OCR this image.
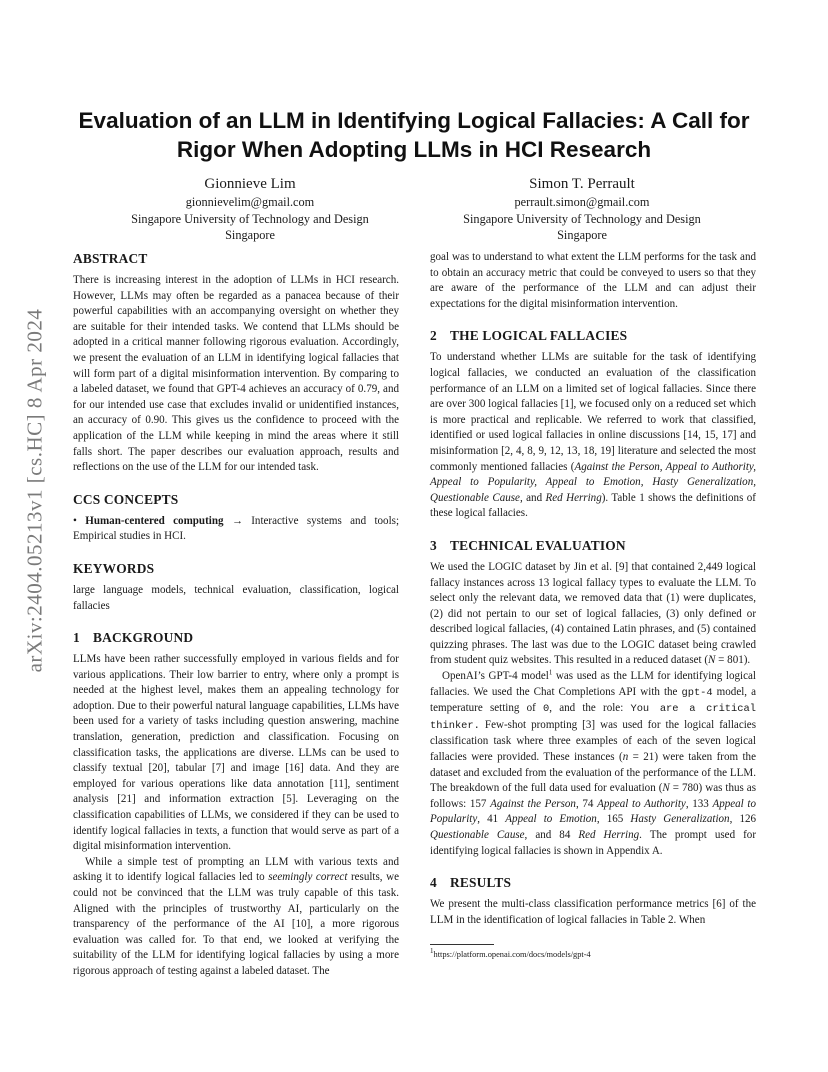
arXiv:2404.05213v1 [cs.HC] 8 Apr 2024
Evaluation of an LLM in Identifying Logical Fallacies: A Call for Rigor When Adopting LLMs in HCI Research
Gionnieve Lim
gionnievelim@gmail.com
Singapore University of Technology and Design
Singapore
Simon T. Perrault
perrault.simon@gmail.com
Singapore University of Technology and Design
Singapore
ABSTRACT

There is increasing interest in the adoption of LLMs in HCI research. However, LLMs may often be regarded as a panacea because of their powerful capabilities with an accompanying oversight on whether they are suitable for their intended tasks. We contend that LLMs should be adopted in a critical manner following rigorous evaluation. Accordingly, we present the evaluation of an LLM in identifying logical fallacies that will form part of a digital misinformation intervention. By comparing to a labeled dataset, we found that GPT-4 achieves an accuracy of 0.79, and for our intended use case that excludes invalid or unidentified instances, an accuracy of 0.90. This gives us the confidence to proceed with the application of the LLM while keeping in mind the areas where it still falls short. The paper describes our evaluation approach, results and reflections on the use of the LLM for our intended task.

CCS CONCEPTS

• Human-centered computing → Interactive systems and tools; Empirical studies in HCI.

KEYWORDS

large language models, technical evaluation, classification, logical fallacies

1 BACKGROUND

LLMs have been rather successfully employed in various fields and for various applications. Their low barrier to entry, where only a prompt is needed at the highest level, makes them an appealing technology for adoption. Due to their powerful natural language capabilities, LLMs have been used for a variety of tasks including question answering, machine translation, generation, prediction and classification. Focusing on classification tasks, the applications are diverse. LLMs can be used to classify textual [20], tabular [7] and image [16] data. And they are employed for various operations like data annotation [11], sentiment analysis [21] and information extraction [5]. Leveraging on the classification capabilities of LLMs, we considered if they can be used to identify logical fallacies in texts, a function that would serve as part of a digital misinformation intervention.

While a simple test of prompting an LLM with various texts and asking it to identify logical fallacies led to seemingly correct results, we could not be convinced that the LLM was truly capable of this task. Aligned with the principles of trustworthy AI, particularly on the transparency of the performance of the AI [10], a more rigorous evaluation was called for. To that end, we looked at verifying the suitability of the LLM for identifying logical fallacies by using a more rigorous approach of testing against a labeled dataset. The

goal was to understand to what extent the LLM performs for the task and to obtain an accuracy metric that could be conveyed to users so that they are aware of the performance of the LLM and can adjust their expectations for the digital misinformation intervention.

2 THE LOGICAL FALLACIES

To understand whether LLMs are suitable for the task of identifying logical fallacies, we conducted an evaluation of the classification performance of an LLM on a limited set of logical fallacies. Since there are over 300 logical fallacies [1], we focused only on a reduced set which is more practical and replicable. We referred to work that classified, identified or used logical fallacies in online discussions [14, 15, 17] and misinformation [2, 4, 8, 9, 12, 13, 18, 19] literature and selected the most commonly mentioned fallacies (Against the Person, Appeal to Authority, Appeal to Popularity, Appeal to Emotion, Hasty Generalization, Questionable Cause, and Red Herring). Table 1 shows the definitions of these logical fallacies.

3 TECHNICAL EVALUATION

We used the LOGIC dataset by Jin et al. [9] that contained 2,449 logical fallacy instances across 13 logical fallacy types to evaluate the LLM. To select only the relevant data, we removed data that (1) were duplicates, (2) did not pertain to our set of logical fallacies, (3) only defined or described logical fallacies, (4) contained Latin phrases, and (5) contained quizzing phrases. The last was due to the LOGIC dataset being crawled from student quiz websites. This resulted in a reduced dataset (N = 801).

OpenAI’s GPT-4 model$^1$ was used as the LLM for identifying logical fallacies. We used the Chat Completions API with the gpt-4 model, a temperature setting of 0, and the role: You are a critical thinker. Few-shot prompting [3] was used for the logical fallacies classification task where three examples of each of the seven logical fallacies were provided. These instances (n = 21) were taken from the dataset and excluded from the evaluation of the performance of the LLM. The breakdown of the full data used for evaluation (N = 780) was thus as follows: 157 Against the Person, 74 Appeal to Authority, 133 Appeal to Popularity, 41 Appeal to Emotion, 165 Hasty Generalization, 126 Questionable Cause, and 84 Red Herring. The prompt used for identifying logical fallacies is shown in Appendix A.

4 RESULTS

We present the multi-class classification performance metrics [6] of the LLM in the identification of logical fallacies in Table 2. When

$^1$https://platform.openai.com/docs/models/gpt-4
